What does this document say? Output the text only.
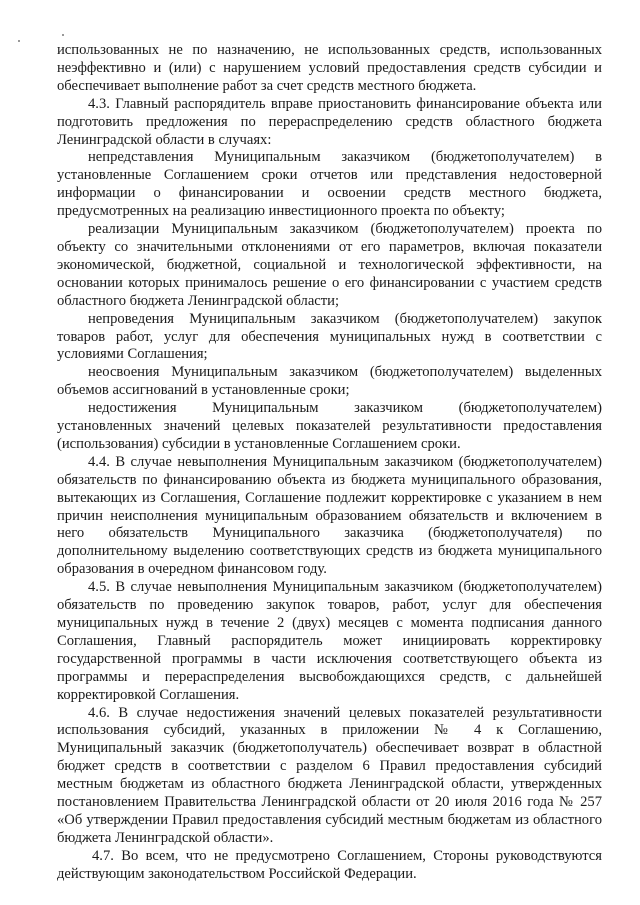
использованных не по назначению, не использованных средств, использованных неэффективно и (или) с нарушением условий предоставления средств субсидии и обеспечивает выполнение работ за счет средств местного бюджета.

4.3. Главный распорядитель вправе приостановить финансирование объекта или подготовить предложения по перераспределению средств областного бюджета Ленинградской области в случаях:

непредставления Муниципальным заказчиком (бюджетополучателем) в установленные Соглашением сроки отчетов или представления недостоверной информации о финансировании и освоении средств местного бюджета, предусмотренных на реализацию инвестиционного проекта по объекту;

реализации Муниципальным заказчиком (бюджетополучателем) проекта по объекту со значительными отклонениями от его параметров, включая показатели экономической, бюджетной, социальной и технологической эффективности, на основании которых принималось решение о его финансировании с участием средств областного бюджета Ленинградской области;

непроведения Муниципальным заказчиком (бюджетополучателем) закупок товаров работ, услуг для обеспечения муниципальных нужд в соответствии с условиями Соглашения;

неосвоения Муниципальным заказчиком (бюджетополучателем) выделенных объемов ассигнований в установленные сроки;

недостижения Муниципальным заказчиком (бюджетополучателем) установленных значений целевых показателей результативности предоставления (использования) субсидии в установленные Соглашением сроки.

4.4. В случае невыполнения Муниципальным заказчиком (бюджетополучателем) обязательств по финансированию объекта из бюджета муниципального образования, вытекающих из Соглашения, Соглашение подлежит корректировке с указанием в нем причин неисполнения муниципальным образованием обязательств и включением в него обязательств Муниципального заказчика (бюджетополучателя) по дополнительному выделению соответствующих средств из бюджета муниципального образования в очередном финансовом году.

4.5. В случае невыполнения Муниципальным заказчиком (бюджетополучателем) обязательств по проведению закупок товаров, работ, услуг для обеспечения муниципальных нужд в течение 2 (двух) месяцев с момента подписания данного Соглашения, Главный распорядитель может инициировать корректировку государственной программы в части исключения соответствующего объекта из программы и перераспределения высвобождающихся средств, с дальнейшей корректировкой Соглашения.

4.6. В случае недостижения значений целевых показателей результативности использования субсидий, указанных в приложении № 4 к Соглашению, Муниципальный заказчик (бюджетополучатель) обеспечивает возврат в областной бюджет средств в соответствии с разделом 6 Правил предоставления субсидий местным бюджетам из областного бюджета Ленинградской области, утвержденных постановлением Правительства Ленинградской области от 20 июля 2016 года № 257 «Об утверждении Правил предоставления субсидий местным бюджетам из областного бюджета Ленинградской области».

4.7. Во всем, что не предусмотрено Соглашением, Стороны руководствуются действующим законодательством Российской Федерации.
